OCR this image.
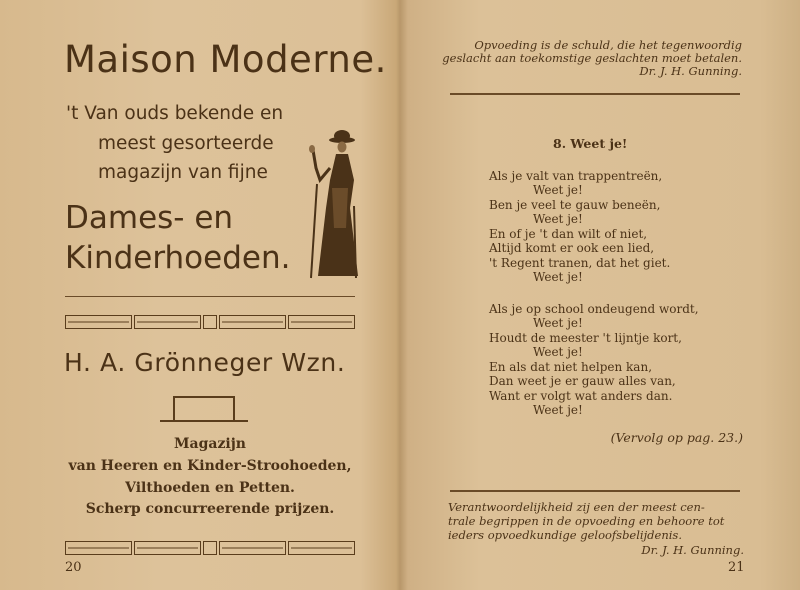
Maison Moderne.
't Van ouds bekende en
meest gesorteerde
magazijn van fijne
Dames- en
Kinderhoeden.
H. A. Grönneger Wzn.
Magazijn
van Heeren en Kinder-Stroohoeden,
Vilthoeden en Petten.
Scherp concurreerende prijzen.
20
Opvoeding is de schuld, die het tegenwoordig
geslacht aan toekomstige geslachten moet betalen.
Dr. J. H. Gunning.
8. Weet je!
Als je valt van trappentreën,
Weet je!
Ben je veel te gauw beneën,
Weet je!
En of je 't dan wilt of niet,
Altijd komt er ook een lied,
't Regent tranen, dat het giet.
Weet je!
Als je op school ondeugend wordt,
Weet je!
Houdt de meester 't lijntje kort,
Weet je!
En als dat niet helpen kan,
Dan weet je er gauw alles van,
Want er volgt wat anders dan.
Weet je!
(Vervolg op pag. 23.)
Verantwoordelijkheid zij een der meest cen-
trale begrippen in de opvoeding en behoore tot
ieders opvoedkundige geloofsbelijdenis.
Dr. J. H. Gunning.
21
